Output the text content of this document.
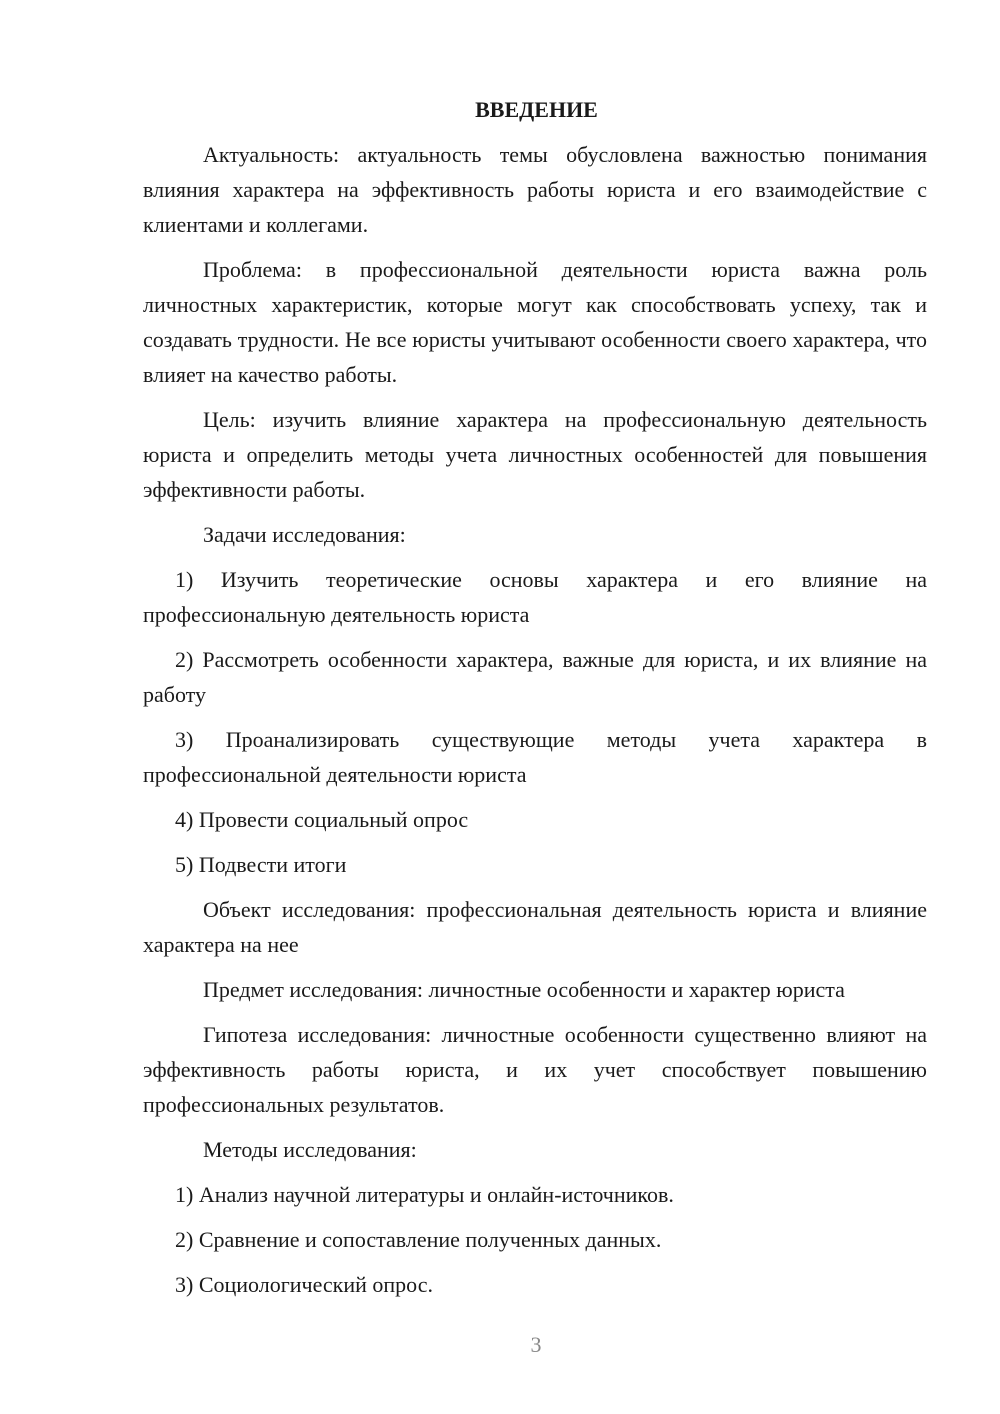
ВВЕДЕНИЕ
Актуальность: актуальность темы обусловлена важностью понимания влияния характера на эффективность работы юриста и его взаимодействие с клиентами и коллегами.
Проблема: в профессиональной деятельности юриста важна роль личностных характеристик, которые могут как способствовать успеху, так и создавать трудности. Не все юристы учитывают особенности своего характера, что влияет на качество работы.
Цель: изучить влияние характера на профессиональную деятельность юриста и определить методы учета личностных особенностей для повышения эффективности работы.
Задачи исследования:
1) Изучить теоретические основы характера и его влияние на профессиональную деятельность юриста
2) Рассмотреть особенности характера, важные для юриста, и их влияние на работу
3) Проанализировать существующие методы учета характера в профессиональной деятельности юриста
4) Провести социальный опрос
5) Подвести итоги
Объект исследования: профессиональная деятельность юриста и влияние характера на нее
Предмет исследования: личностные особенности и характер юриста
Гипотеза исследования: личностные особенности существенно влияют на эффективность работы юриста, и их учет способствует повышению профессиональных результатов.
Методы исследования:
1) Анализ научной литературы и онлайн-источников.
2) Сравнение и сопоставление полученных данных.
3) Социологический опрос.
3
